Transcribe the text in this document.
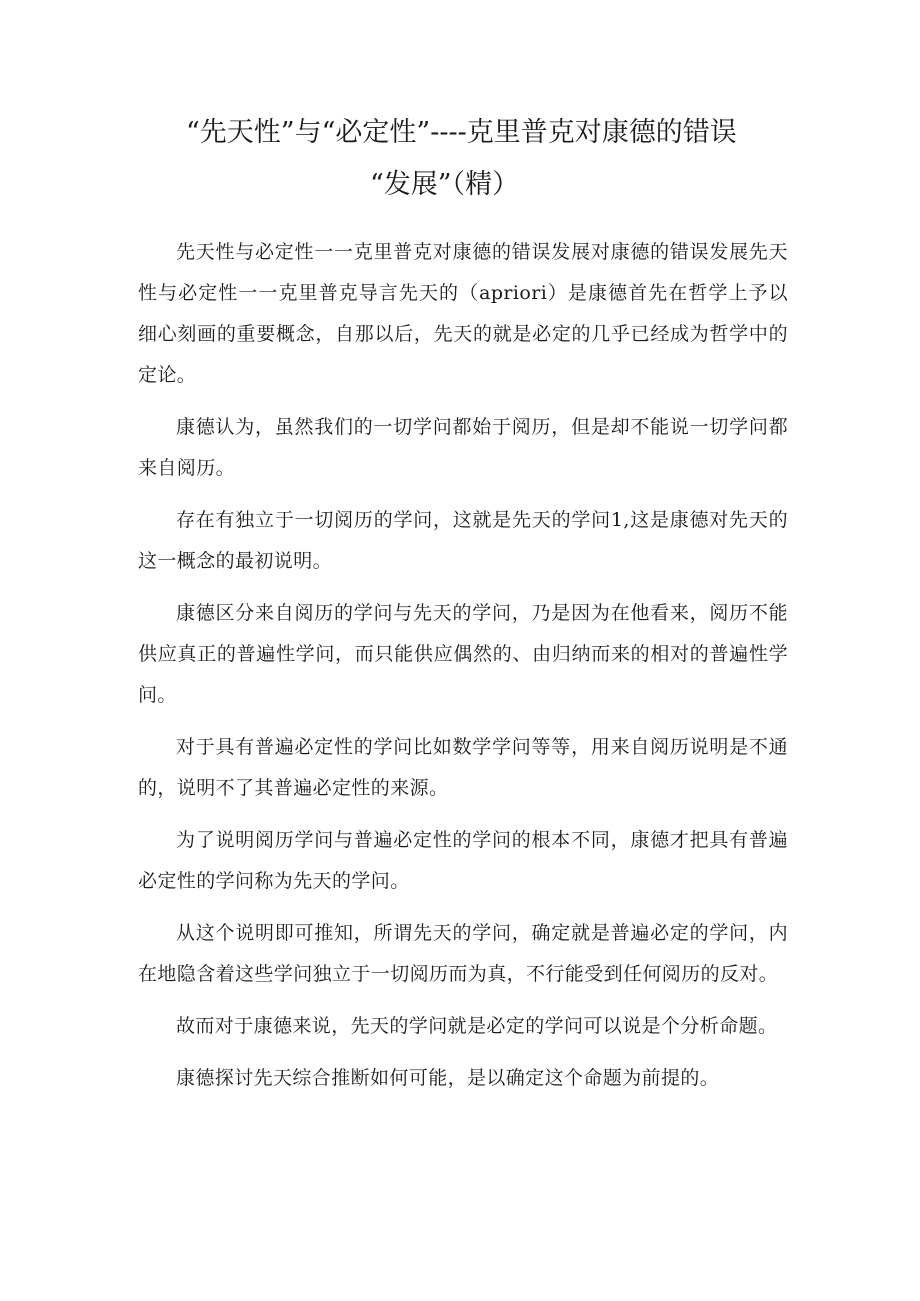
“先天性”与“必定性”----克里普克对康德的错误
“发展”（精）

先天性与必定性一一克里普克对康德的错误发展对康德的错误发展先天性与必定性一一克里普克导言先天的（apriori）是康德首先在哲学上予以细心刻画的重要概念，自那以后，先天的就是必定的几乎已经成为哲学中的定论。

康德认为，虽然我们的一切学问都始于阅历，但是却不能说一切学问都来自阅历。

存在有独立于一切阅历的学问，这就是先天的学问1,这是康德对先天的这一概念的最初说明。

康德区分来自阅历的学问与先天的学问，乃是因为在他看来，阅历不能供应真正的普遍性学问，而只能供应偶然的、由归纳而来的相对的普遍性学问。

对于具有普遍必定性的学问比如数学学问等等，用来自阅历说明是不通的，说明不了其普遍必定性的来源。

为了说明阅历学问与普遍必定性的学问的根本不同，康德才把具有普遍必定性的学问称为先天的学问。

从这个说明即可推知，所谓先天的学问，确定就是普遍必定的学问，内在地隐含着这些学问独立于一切阅历而为真，不行能受到任何阅历的反对。

故而对于康德来说，先天的学问就是必定的学问可以说是个分析命题。

康德探讨先天综合推断如何可能，是以确定这个命题为前提的。
